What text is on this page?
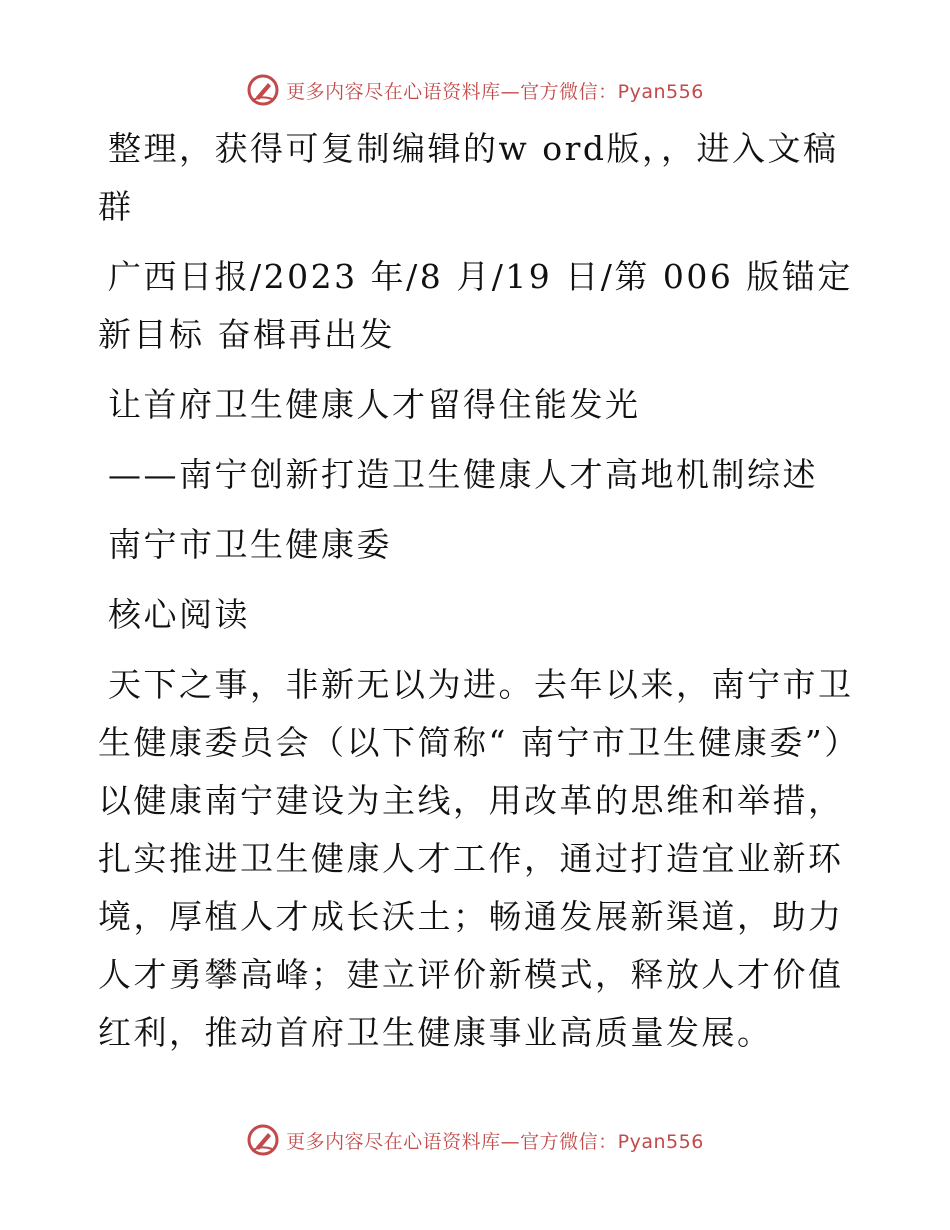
更多内容尽在心语资料库—官方微信：Pyan556

整理，获得可复制编辑的w ord版，，进入文稿群

广西日报/2023 年/8 月/19 日/第 006 版锚定新目标 奋楫再出发

让首府卫生健康人才留得住能发光

——南宁创新打造卫生健康人才高地机制综述

南宁市卫生健康委

核心阅读

天下之事，非新无以为进。去年以来，南宁市卫生健康委员会（以下简称“ 南宁市卫生健康委”）以健康南宁建设为主线，用改革的思维和举措，扎实推进卫生健康人才工作，通过打造宜业新环境，厚植人才成长沃土；畅通发展新渠道，助力人才勇攀高峰；建立评价新模式，释放人才价值红利，推动首府卫生健康事业高质量发展。

更多内容尽在心语资料库—官方微信：Pyan556
